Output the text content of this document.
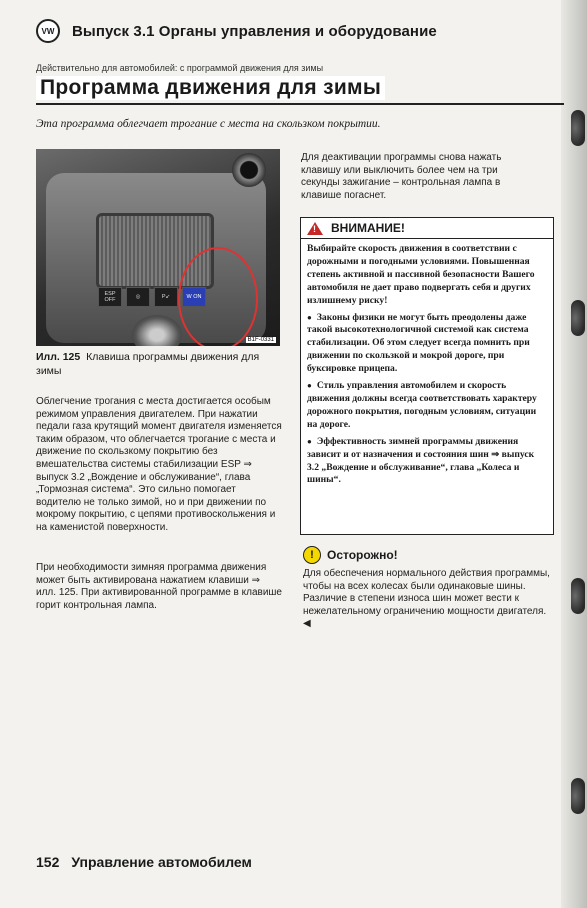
VW	Выпуск 3.1 Органы управления и оборудование
Действительно для автомобилей: с программой движения для зимы
Программа движения для зимы
Эта программа облегчает трогание с места на скользком покрытии.
ESP OFF	◎	P↙	W ON
B1F-0331
Илл. 125 Клавиша программы движения для зимы
Облегчение трогания с места достигается особым режимом управления двигателем. При нажатии педали газа крутящий момент двигателя изменяется таким образом, что облегчается трогание с места и движение по скользкому покрытию без вмешательства системы стабилизации ESP ⇒ выпуск 3.2 „Вождение и обслуживание“, глава „Тормозная система“. Это сильно помогает водителю не только зимой, но и при движении по мокрому покрытию, с цепями противоскольжения и на каменистой поверхности.
При необходимости зимняя программа движения может быть активирована нажатием клавиши ⇒ илл. 125. При активированной программе в клавише горит контрольная лампа.
Для деактивации программы снова нажать клавишу или выключить более чем на три секунды зажигание – контрольная лампа в клавише погаснет.
! ВНИМАНИЕ!

Выбирайте скорость движения в соответствии с дорожными и погодными условиями. Повышенная степень активной и пассивной безопасности Вашего автомобиля не дает право подвергать себя и других излишнему риску!

● Законы физики не могут быть преодолены даже такой высокотехнологичной системой как система стабилизации. Об этом следует всегда помнить при движении по скользкой и мокрой дороге, при буксировке прицепа.

● Стиль управления автомобилем и скорость движения должны всегда соответствовать характеру дорожного покрытия, погодным условиям, ситуации на дороге.

● Эффективность зимней программы движения зависит и от назначения и состояния шин ⇒ выпуск 3.2 „Вождение и обслуживание“, глава „Колеса и шины“.

!	Осторожно!
Для обеспечения нормального действия программы, чтобы на всех колесах были одинаковые шины. Различие в степени износа шин может вести к нежелательному ограничению мощности двигателя. ◀
152 Управление автомобилем
